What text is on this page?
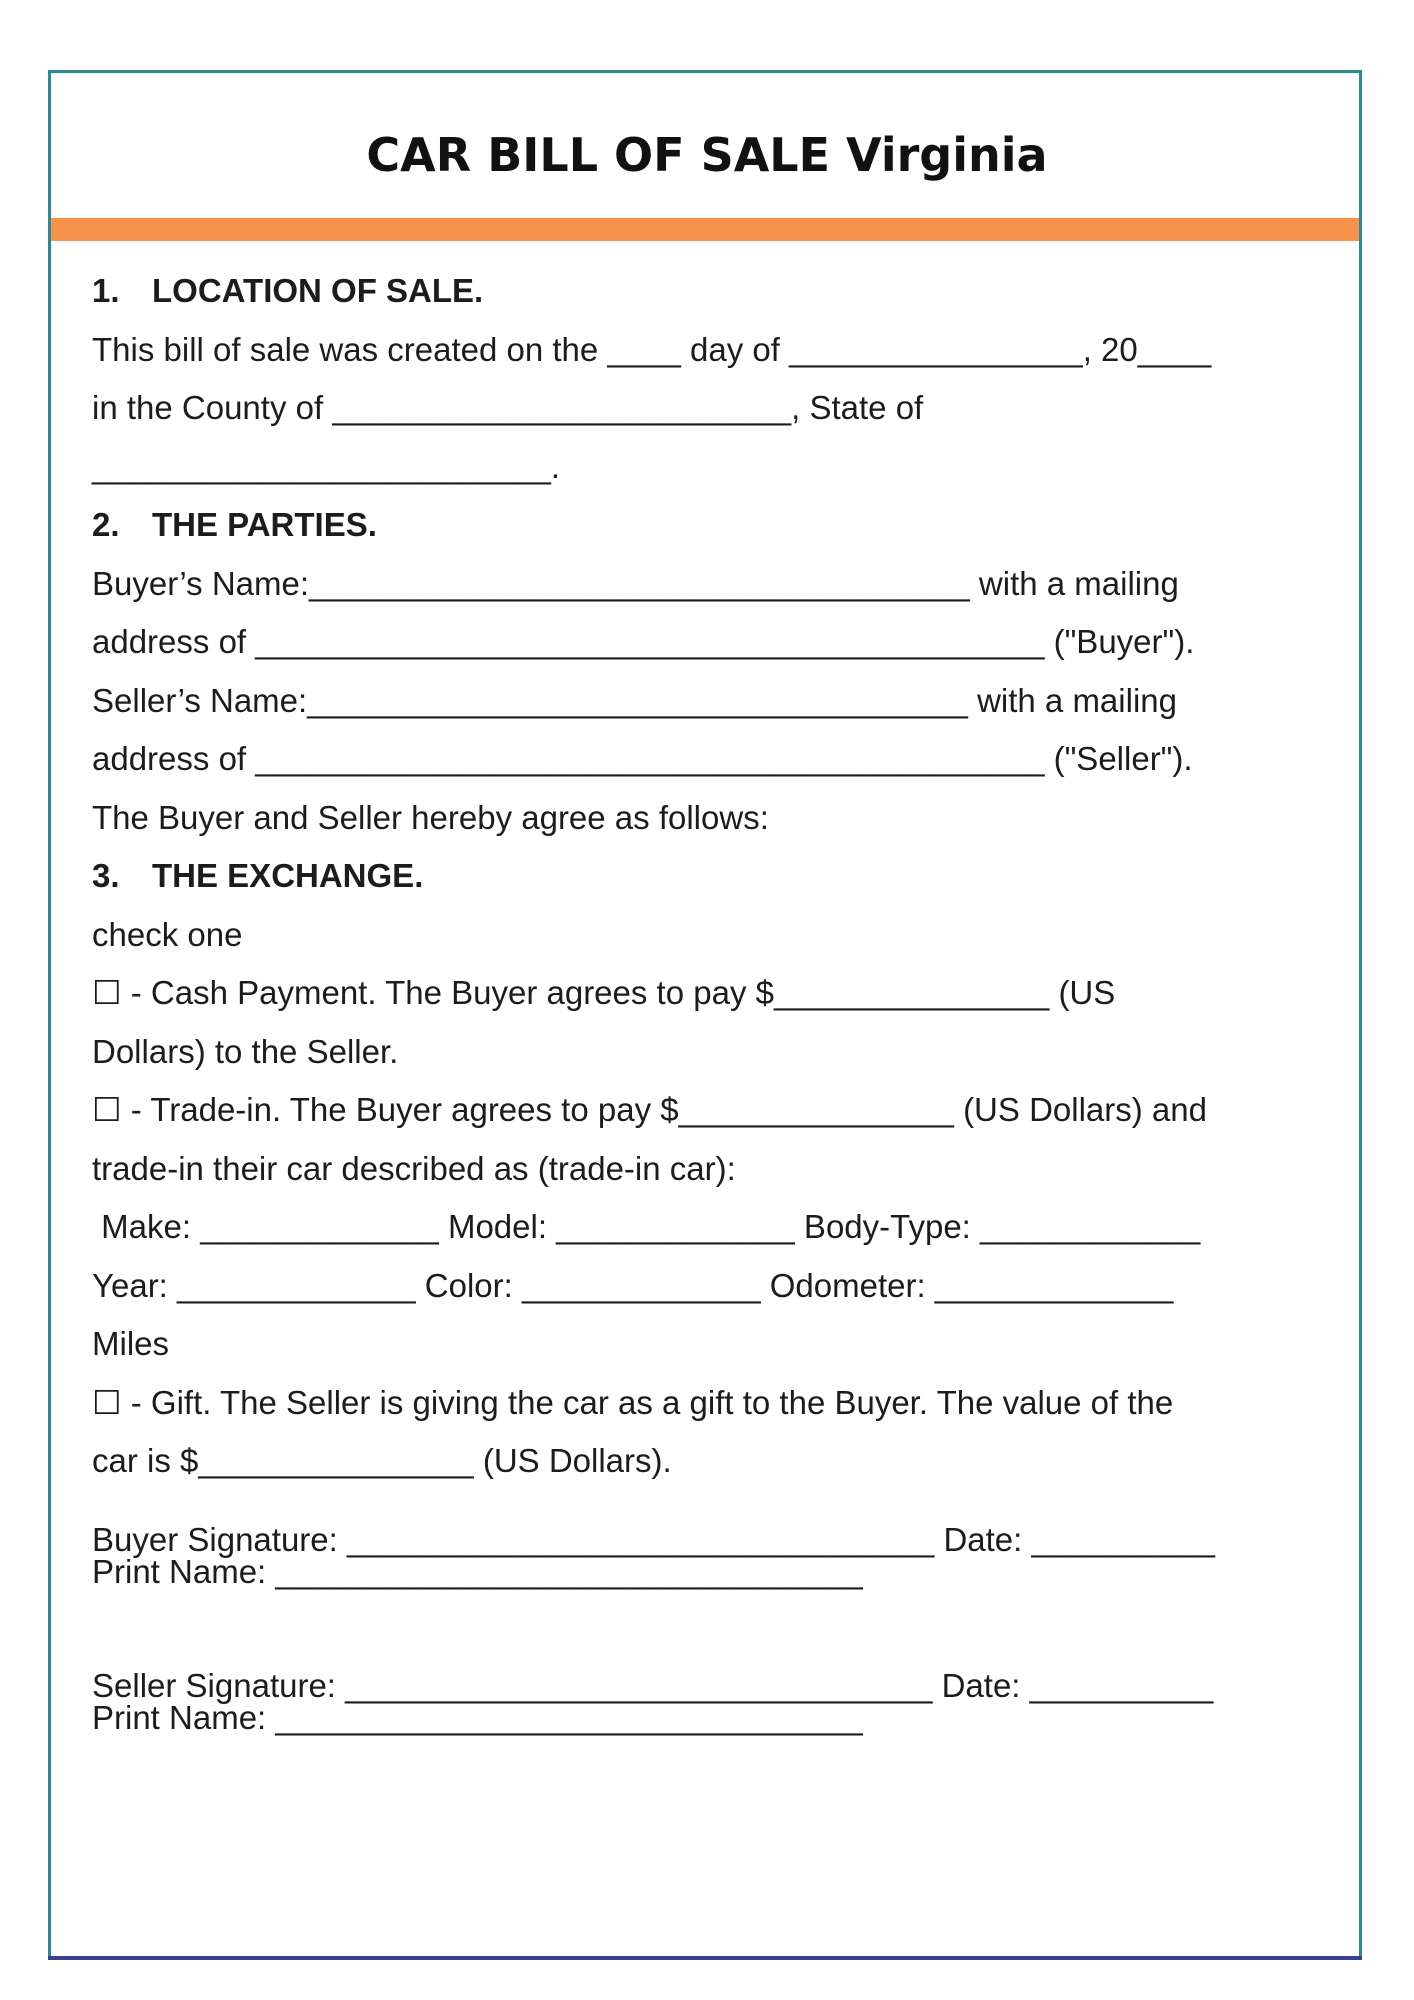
CAR BILL OF SALE Virginia
1. LOCATION OF SALE.
This bill of sale was created on the ____ day of ________________, 20____
in the County of _________________________, State of
_________________________.
2. THE PARTIES.
Buyer’s Name:____________________________________ with a mailing
address of ___________________________________________ ("Buyer").
Seller’s Name:____________________________________ with a mailing
address of ___________________________________________ ("Seller").
The Buyer and Seller hereby agree as follows:
3. THE EXCHANGE.
check one
☐ - Cash Payment. The Buyer agrees to pay $_______________ (US
Dollars) to the Seller.
☐ - Trade-in. The Buyer agrees to pay $_______________ (US Dollars) and
trade-in their car described as (trade-in car):
Make: _____________ Model: _____________ Body-Type: ____________
Year: _____________ Color: _____________ Odometer: _____________
Miles
☐ - Gift. The Seller is giving the car as a gift to the Buyer. The value of the
car is $_______________ (US Dollars).
Buyer Signature: ________________________________ Date: __________
Print Name: ________________________________
Seller Signature: ________________________________ Date: __________
Print Name: ________________________________
